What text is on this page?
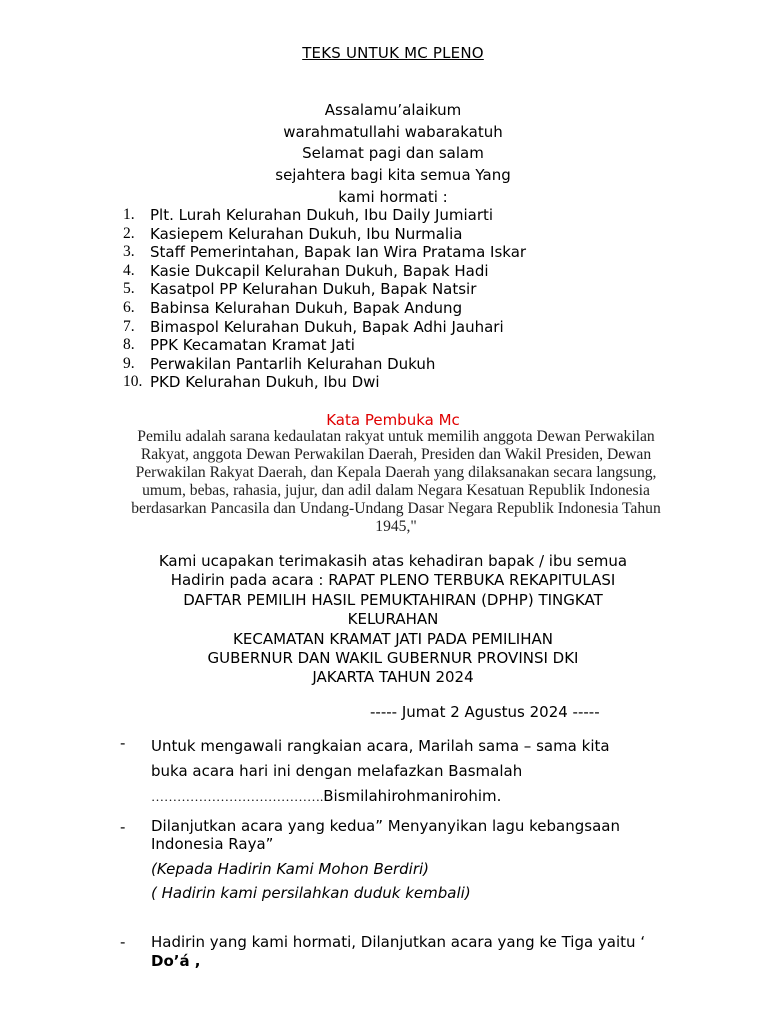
TEKS UNTUK MC PLENO
Assalamu’alaikum
warahmatullahi wabarakatuh
Selamat pagi dan salam
sejahtera bagi kita semua Yang
kami hormati :
1. Plt. Lurah Kelurahan Dukuh, Ibu Daily Jumiarti
2. Kasiepem Kelurahan Dukuh, Ibu Nurmalia
3. Staff Pemerintahan, Bapak Ian Wira Pratama Iskar
4. Kasie Dukcapil Kelurahan Dukuh, Bapak Hadi
5. Kasatpol PP Kelurahan Dukuh, Bapak Natsir
6. Babinsa Kelurahan Dukuh, Bapak Andung
7. Bimaspol Kelurahan Dukuh, Bapak Adhi Jauhari
8. PPK Kecamatan Kramat Jati
9. Perwakilan Pantarlih Kelurahan Dukuh
10. PKD Kelurahan Dukuh, Ibu Dwi
Kata Pembuka Mc
Pemilu adalah sarana kedaulatan rakyat untuk memilih anggota Dewan Perwakilan
Rakyat, anggota Dewan Perwakilan Daerah, Presiden dan Wakil Presiden, Dewan
Perwakilan Rakyat Daerah, dan Kepala Daerah yang dilaksanakan secara langsung,
umum, bebas, rahasia, jujur, dan adil dalam Negara Kesatuan Republik Indonesia
berdasarkan Pancasila dan Undang-Undang Dasar Negara Republik Indonesia Tahun
1945,"
Kami ucapakan terimakasih atas kehadiran bapak / ibu semua
Hadirin pada acara : RAPAT PLENO TERBUKA REKAPITULASI
DAFTAR PEMILIH HASIL PEMUKTAHIRAN (DPHP) TINGKAT
KELURAHAN
KECAMATAN KRAMAT JATI PADA PEMILIHAN
GUBERNUR DAN WAKIL GUBERNUR PROVINSI DKI
JAKARTA TAHUN 2024
----- Jumat 2 Agustus 2024 -----
- Untuk mengawali rangkaian acara, Marilah sama – sama kita

buka acara hari ini dengan melafazkan Basmalah

………………………………….Bismilahirohmanirohim.

- Dilanjutkan acara yang kedua” Menyanyikan lagu kebangsaan

Indonesia Raya”

(Kepada Hadirin Kami Mohon Berdiri)

( Hadirin kami persilahkan duduk kembali)

- Hadirin yang kami hormati, Dilanjutkan acara yang ke Tiga yaitu ‘

Do’á ,
